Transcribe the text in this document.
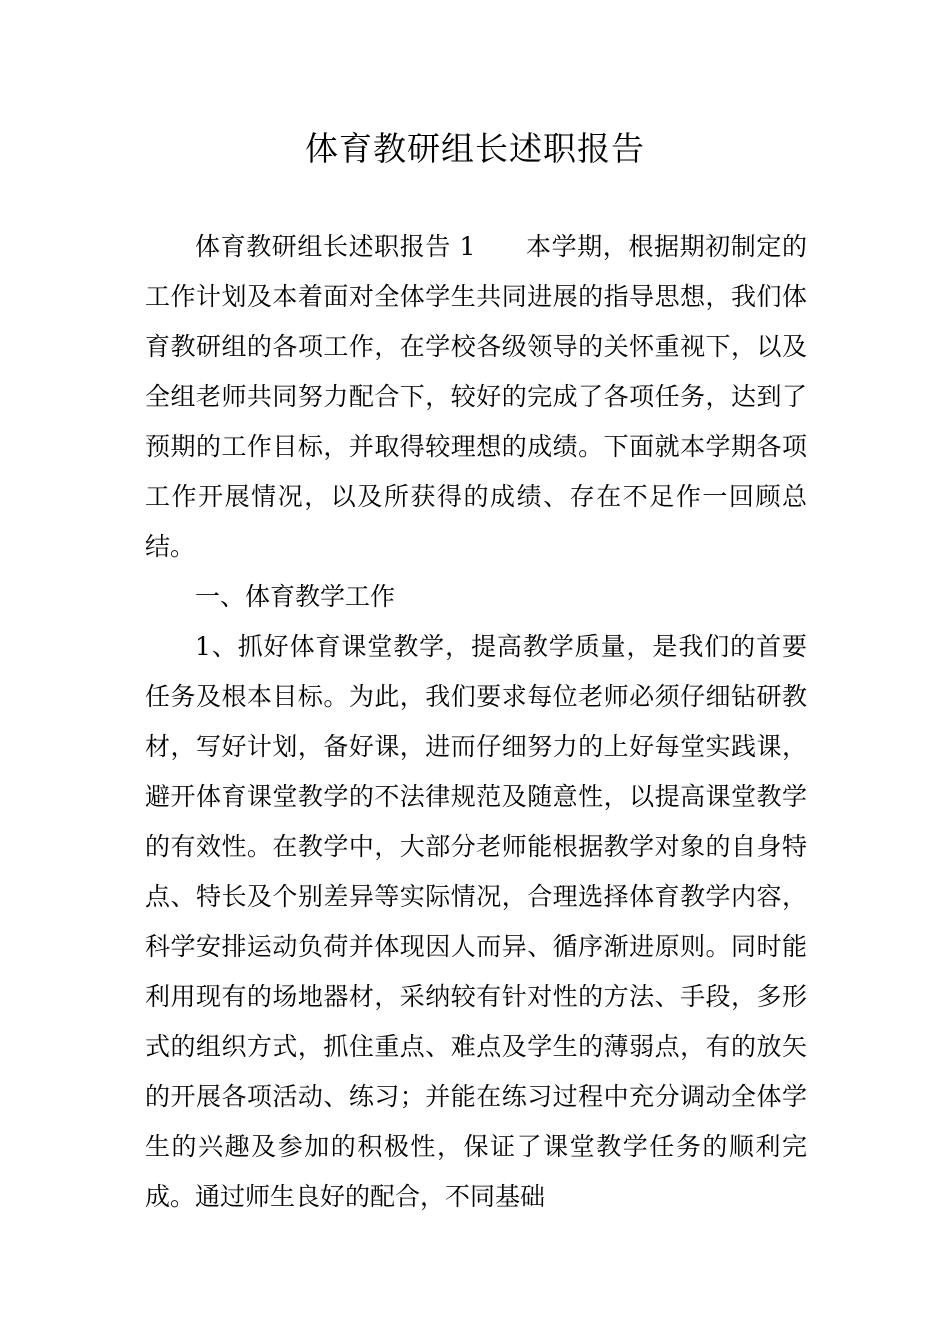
体育教研组长述职报告

体育教研组长述职报告 1 本学期，根据期初制定的工作计划及本着面对全体学生共同进展的指导思想，我们体育教研组的各项工作，在学校各级领导的关怀重视下，以及全组老师共同努力配合下，较好的完成了各项任务，达到了预期的工作目标，并取得较理想的成绩。下面就本学期各项工作开展情况，以及所获得的成绩、存在不足作一回顾总结。

一、体育教学工作

1、抓好体育课堂教学，提高教学质量，是我们的首要任务及根本目标。为此，我们要求每位老师必须仔细钻研教材，写好计划，备好课，进而仔细努力的上好每堂实践课，避开体育课堂教学的不法律规范及随意性，以提高课堂教学的有效性。在教学中，大部分老师能根据教学对象的自身特点、特长及个别差异等实际情况，合理选择体育教学内容，科学安排运动负荷并体现因人而异、循序渐进原则。同时能利用现有的场地器材，采纳较有针对性的方法、手段，多形式的组织方式，抓住重点、难点及学生的薄弱点，有的放矢的开展各项活动、练习；并能在练习过程中充分调动全体学生的兴趣及参加的积极性，保证了课堂教学任务的顺利完成。通过师生良好的配合，不同基础
